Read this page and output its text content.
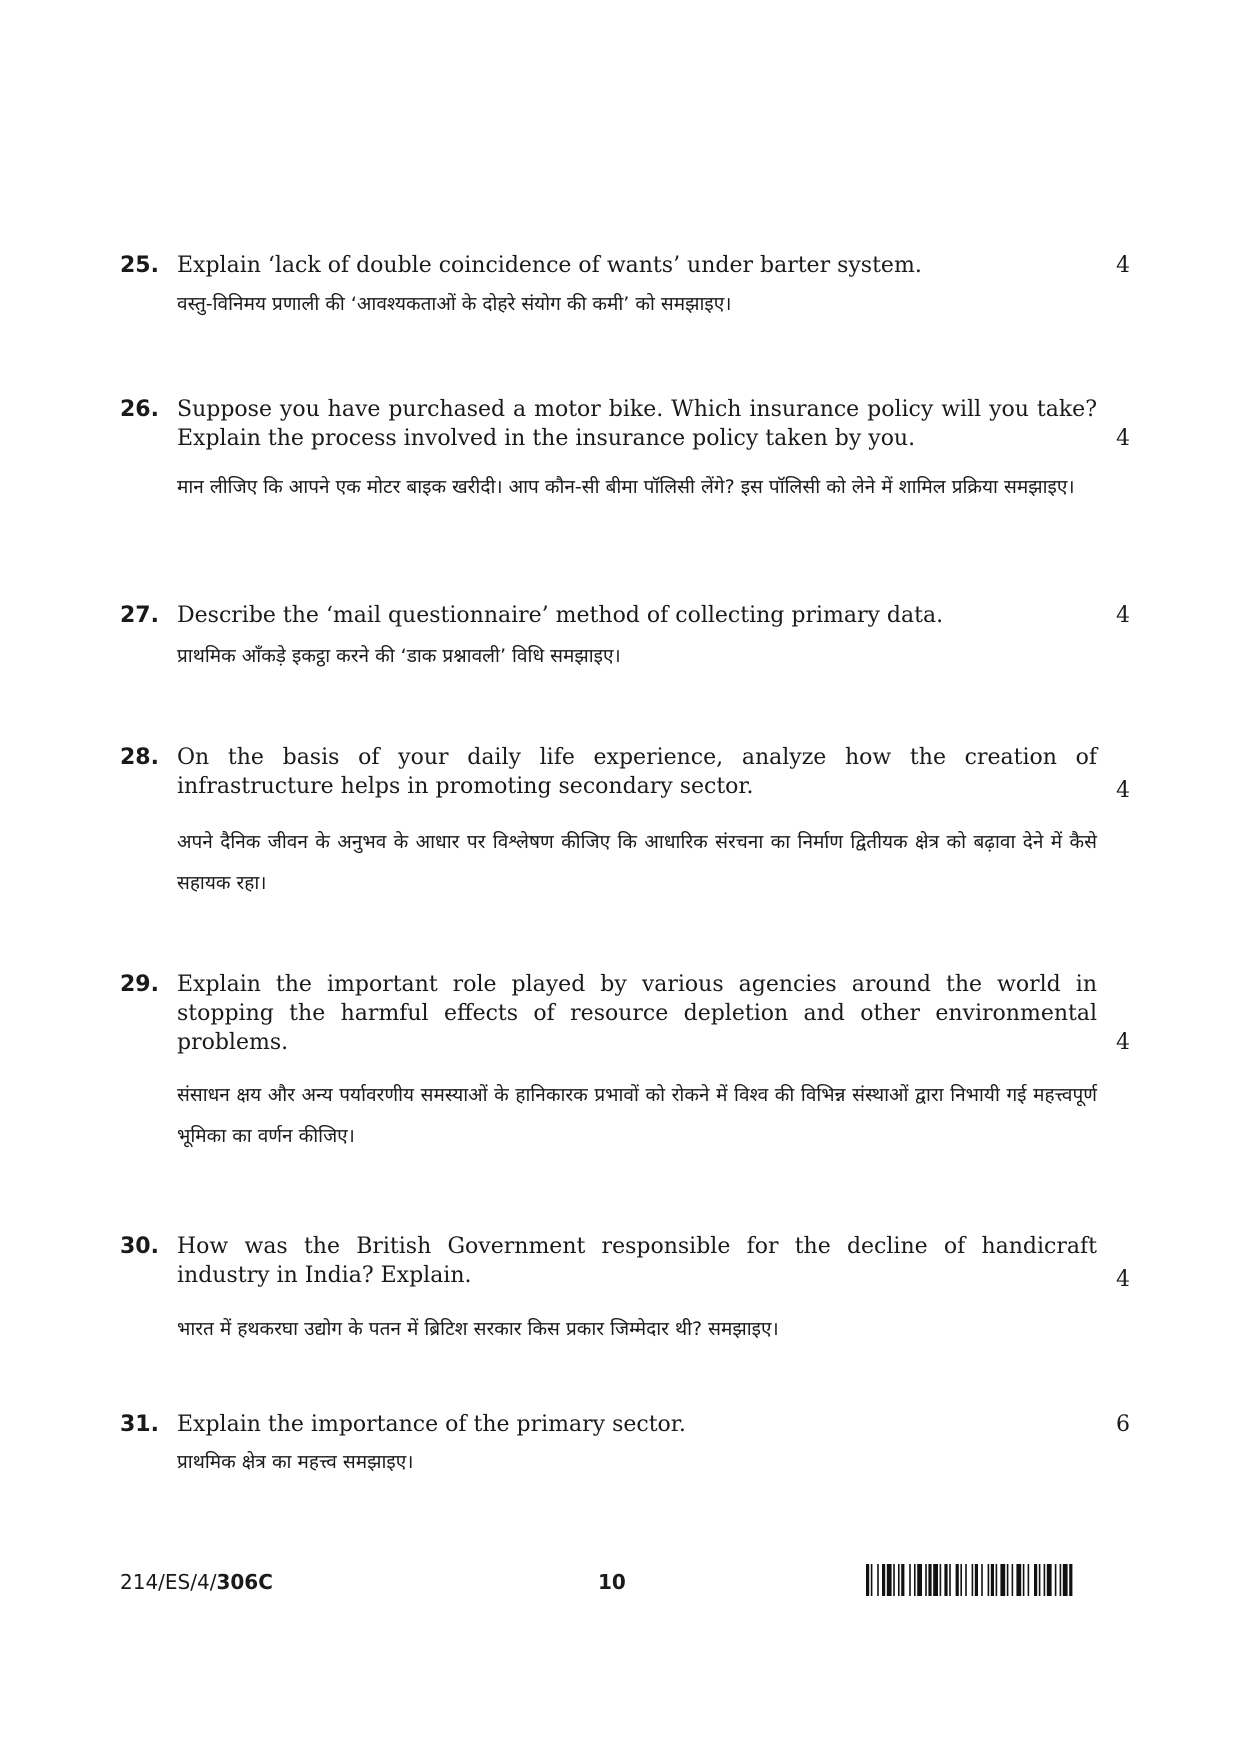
25. Explain ‘lack of double coincidence of wants’ under barter system.	4
वस्तु-विनिमय प्रणाली की ‘आवश्यकताओं के दोहरे संयोग की कमी’ को समझाइए।
26. Suppose you have purchased a motor bike. Which insurance policy will you take? Explain the process involved in the insurance policy taken by you.	4
मान लीजिए कि आपने एक मोटर बाइक खरीदी। आप कौन-सी बीमा पॉलिसी लेंगे? इस पॉलिसी को लेने में शामिल प्रक्रिया समझाइए।
27. Describe the ‘mail questionnaire’ method of collecting primary data.	4
प्राथमिक आँकड़े इकट्ठा करने की ‘डाक प्रश्नावली’ विधि समझाइए।
28. On the basis of your daily life experience, analyze how the creation of infrastructure helps in promoting secondary sector.	4
अपने दैनिक जीवन के अनुभव के आधार पर विश्लेषण कीजिए कि आधारिक संरचना का निर्माण द्वितीयक क्षेत्र को बढ़ावा देने में कैसे सहायक रहा।
29. Explain the important role played by various agencies around the world in stopping the harmful effects of resource depletion and other environmental problems.	4
संसाधन क्षय और अन्य पर्यावरणीय समस्याओं के हानिकारक प्रभावों को रोकने में विश्व की विभिन्न संस्थाओं द्वारा निभायी गई महत्त्वपूर्ण भूमिका का वर्णन कीजिए।
30. How was the British Government responsible for the decline of handicraft industry in India? Explain.	4
भारत में हथकरघा उद्योग के पतन में ब्रिटिश सरकार किस प्रकार जिम्मेदार थी? समझाइए।
31. Explain the importance of the primary sector.	6
प्राथमिक क्षेत्र का महत्त्व समझाइए।
214/ES/4/306C	10
